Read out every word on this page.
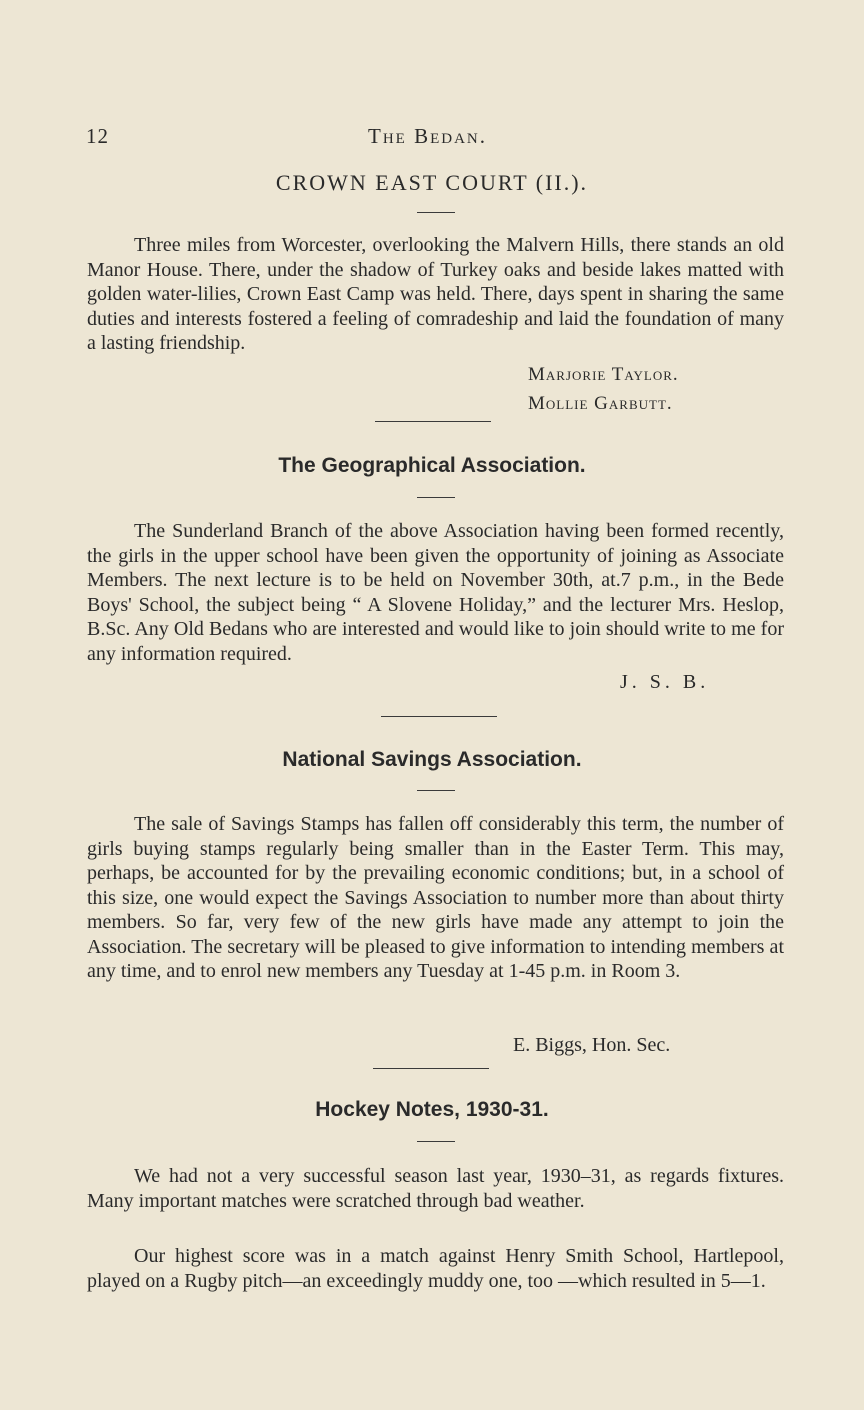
12	The Bedan.
CROWN EAST COURT (II.).

Three miles from Worcester, overlooking the Malvern Hills, there stands an old Manor House. There, under the shadow of Turkey oaks and beside lakes matted with golden water-lilies, Crown East Camp was held. There, days spent in sharing the same duties and interests fostered a feeling of comradeship and laid the foundation of many a lasting friendship.

Marjorie Taylor.
Mollie Garbutt.
The Geographical Association.

The Sunderland Branch of the above Association having been formed recently, the girls in the upper school have been given the opportunity of joining as Associate Members. The next lecture is to be held on November 30th, at.7 p.m., in the Bede Boys' School, the subject being “ A Slovene Holiday,” and the lecturer Mrs. Heslop, B.Sc. Any Old Bedans who are interested and would like to join should write to me for any information required.

J. S. B.
National Savings Association.

The sale of Savings Stamps has fallen off considerably this term, the number of girls buying stamps regularly being smaller than in the Easter Term. This may, perhaps, be accounted for by the prevailing economic conditions; but, in a school of this size, one would expect the Savings Association to number more than about thirty members. So far, very few of the new girls have made any attempt to join the Association. The secretary will be pleased to give information to intending members at any time, and to enrol new members any Tuesday at 1-45 p.m. in Room 3.

E. Biggs, Hon. Sec.
Hockey Notes, 1930-31.

We had not a very successful season last year, 1930–31, as regards fixtures. Many important matches were scratched through bad weather.

Our highest score was in a match against Henry Smith School, Hartlepool, played on a Rugby pitch—an exceedingly muddy one, too —which resulted in 5—1.
